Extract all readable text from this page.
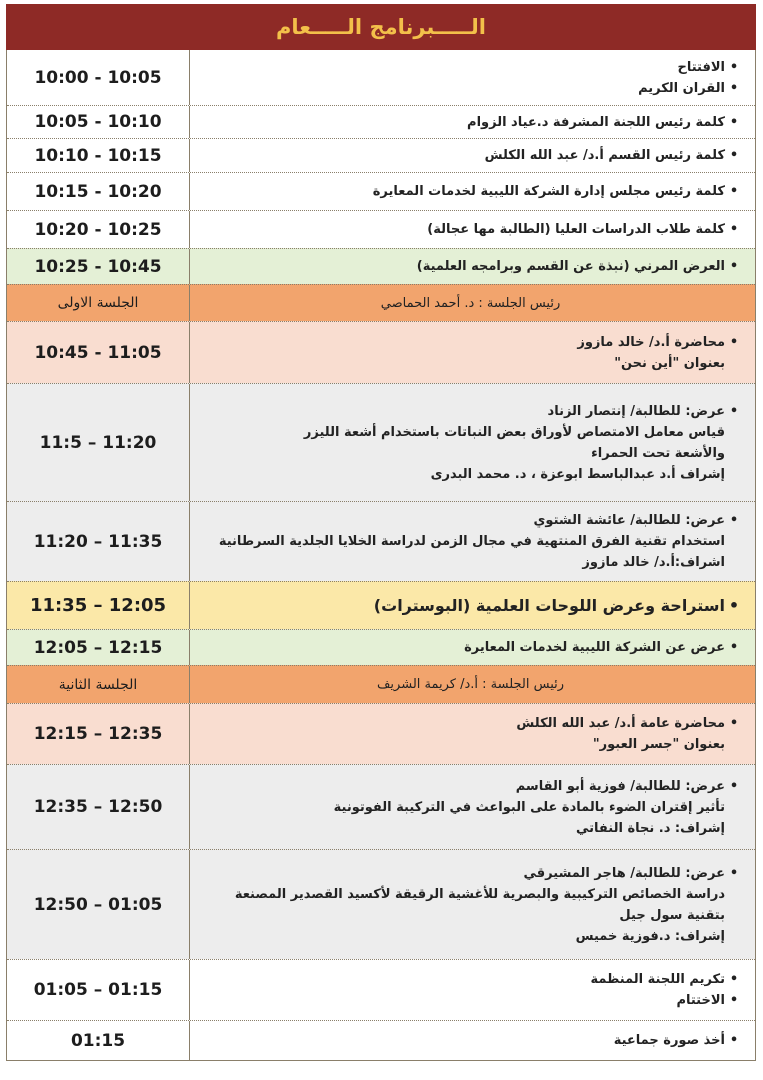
الـــــبرنامج الـــــعام
•
الافتتاح
•
القران الكريم
10:00 - 10:05
•
كلمة رئيس اللجنة المشرفة د.عياد الزوام
10:05 - 10:10
•
كلمة رئيس القسم أ.د/ عبد الله الكلش
10:10 - 10:15
•
كلمة رئيس مجلس إدارة الشركة الليبية لخدمات المعايرة
10:15 - 10:20
•
كلمة طلاب الدراسات العليا (الطالبة مها عجالة)
10:20 - 10:25
•
العرض المرني (نبذة عن القسم وبرامجه العلمية)
10:25 - 10:45
رئيس الجلسة : د. أحمد الحماصي
الجلسة الاولى
•
محاضرة أ.د/ خالد مازوز
بعنوان "أين نحن"
10:45 - 11:05
•
عرض: للطالبة/ إنتصار الزناد
قياس معامل الامتصاص لأوراق بعض النباتات باستخدام أشعة الليزر
والأشعة تحت الحمراء
إشراف أ.د عبدالباسط ابوعزة ، د. محمد البدرى
11:5 – 11:20
•
عرض: للطالبة/ عائشة الشتوي
استخدام تقنية الفرق المنتهية في مجال الزمن لدراسة الخلايا الجلدية السرطانية
اشراف:أ.د/ خالد مازوز
11:20 – 11:35
•
استراحة وعرض اللوحات العلمية (البوسترات)
11:35 – 12:05
•
عرض عن الشركة الليبية لخدمات المعايرة
12:05 – 12:15
رئيس الجلسة : أ.د/ كريمة الشريف
الجلسة الثانية
•
محاضرة عامة أ.د/ عبد الله الكلش
بعنوان "جسر العبور"
12:15 – 12:35
•
عرض: للطالبة/ فوزية أبو القاسم
تأثير إقتران الضوء بالمادة على البواعث في التركيبة الفوتونية
إشراف: د. نجاة النفاتي
12:35 – 12:50
•
عرض: للطالبة/ هاجر المشيرقي
دراسة الخصائص التركيبية والبصرية للأغشية الرقيقة لأكسيد القصدير المصنعة
بتقنية سول جيل
إشراف: د.فوزية خميس
12:50 – 01:05
•
تكريم اللجنة المنظمة
•
الاختتام
01:05 – 01:15
•
أخذ صورة جماعية
01:15
